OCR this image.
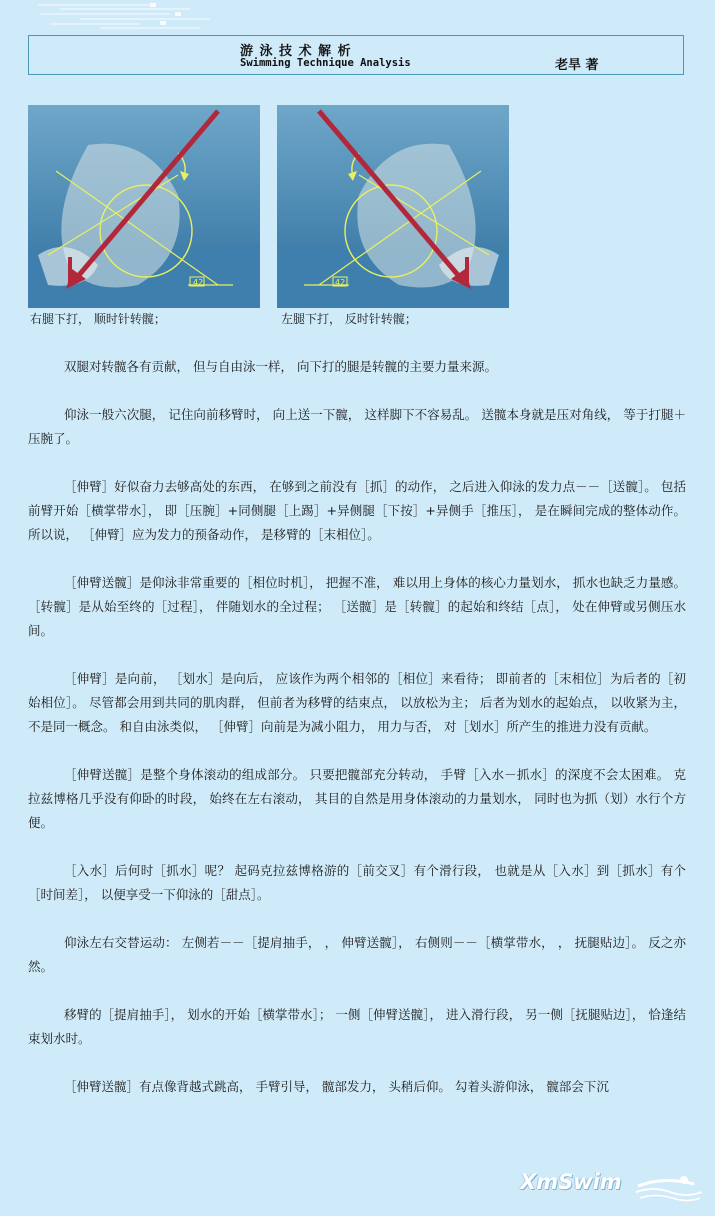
游 泳 技 术 解 析
Swimming Technique Analysis	老旱 著
42	42
右腿下打， 顺时针转髋；	左腿下打， 反时针转髋；

双腿对转髋各有贡献， 但与自由泳一样， 向下打的腿是转髋的主要力量来源。

仰泳一般六次腿， 记住向前移臂时， 向上送一下髋， 这样脚下不容易乱。 送髋本身就是压对角线， 等于打腿＋压腕了。

［伸臂］好似奋力去够高处的东西， 在够到之前没有［抓］的动作， 之后进入仰泳的发力点－－［送髋］。 包括前臂开始［横掌带水］， 即［压腕］+同侧腿［上踢］+异侧腿［下按］+异侧手［推压］， 是在瞬间完成的整体动作。 所以说， ［伸臂］应为发力的预备动作， 是移臂的［末相位］。

［伸臂送髋］是仰泳非常重要的［相位时机］， 把握不准， 难以用上身体的核心力量划水， 抓水也缺乏力量感。 ［转髋］是从始至终的［过程］， 伴随划水的全过程； ［送髋］是［转髋］的起始和终结［点］， 处在伸臂或另侧压水间。

［伸臂］是向前， ［划水］是向后， 应该作为两个相邻的［相位］来看待； 即前者的［末相位］为后者的［初始相位］。 尽管都会用到共同的肌肉群， 但前者为移臂的结束点， 以放松为主； 后者为划水的起始点， 以收紧为主， 不是同一概念。 和自由泳类似， ［伸臂］向前是为减小阻力， 用力与否， 对［划水］所产生的推进力没有贡献。

［伸臂送髋］是整个身体滚动的组成部分。 只要把髋部充分转动， 手臂［入水－抓水］的深度不会太困难。 克拉兹博格几乎没有仰卧的时段， 始终在左右滚动， 其目的自然是用身体滚动的力量划水， 同时也为抓（划）水行个方便。

［入水］后何时［抓水］呢？ 起码克拉兹博格游的［前交叉］有个滑行段， 也就是从［入水］到［抓水］有个［时间差］， 以便享受一下仰泳的［甜点］。

仰泳左右交替运动： 左侧若－－［提肩抽手， ， 伸臂送髋］， 右侧则－－［横掌带水， ， 抚腿贴边］。 反之亦然。

移臂的［提肩抽手］， 划水的开始［横掌带水］； 一侧［伸臂送髋］， 进入滑行段， 另一侧［抚腿贴边］， 恰逢结束划水时。

［伸臂送髋］有点像背越式跳高， 手臂引导， 髋部发力， 头稍后仰。 勾着头游仰泳， 髋部会下沉

XmSwim
